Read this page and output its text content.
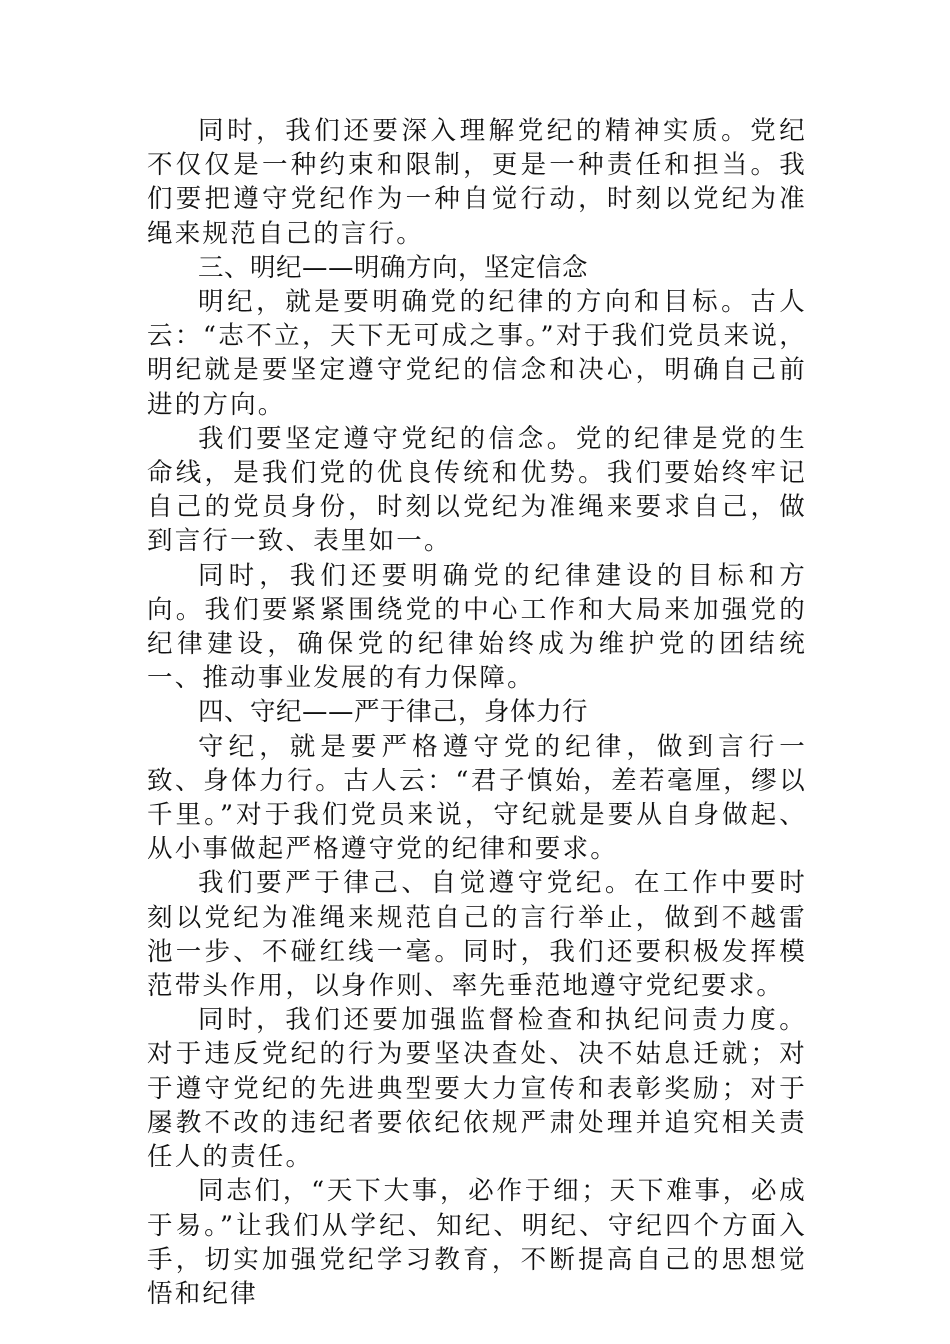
同时，我们还要深入理解党纪的精神实质。党纪不仅仅是一种约束和限制，更是一种责任和担当。我们要把遵守党纪作为一种自觉行动，时刻以党纪为准绳来规范自己的言行。

三、明纪——明确方向，坚定信念

明纪，就是要明确党的纪律的方向和目标。古人云：“志不立，天下无可成之事。”对于我们党员来说，明纪就是要坚定遵守党纪的信念和决心，明确自己前进的方向。

我们要坚定遵守党纪的信念。党的纪律是党的生命线，是我们党的优良传统和优势。我们要始终牢记自己的党员身份，时刻以党纪为准绳来要求自己，做到言行一致、表里如一。

同时，我们还要明确党的纪律建设的目标和方向。我们要紧紧围绕党的中心工作和大局来加强党的纪律建设，确保党的纪律始终成为维护党的团结统一、推动事业发展的有力保障。

四、守纪——严于律己，身体力行

守纪，就是要严格遵守党的纪律，做到言行一致、身体力行。古人云：“君子慎始，差若毫厘，缪以千里。”对于我们党员来说，守纪就是要从自身做起、从小事做起严格遵守党的纪律和要求。

我们要严于律己、自觉遵守党纪。在工作中要时刻以党纪为准绳来规范自己的言行举止，做到不越雷池一步、不碰红线一毫。同时，我们还要积极发挥模范带头作用，以身作则、率先垂范地遵守党纪要求。

同时，我们还要加强监督检查和执纪问责力度。对于违反党纪的行为要坚决查处、决不姑息迁就；对于遵守党纪的先进典型要大力宣传和表彰奖励；对于屡教不改的违纪者要依纪依规严肃处理并追究相关责任人的责任。

同志们，“天下大事，必作于细；天下难事，必成于易。”让我们从学纪、知纪、明纪、守纪四个方面入手，切实加强党纪学习教育，不断提高自己的思想觉悟和纪律
